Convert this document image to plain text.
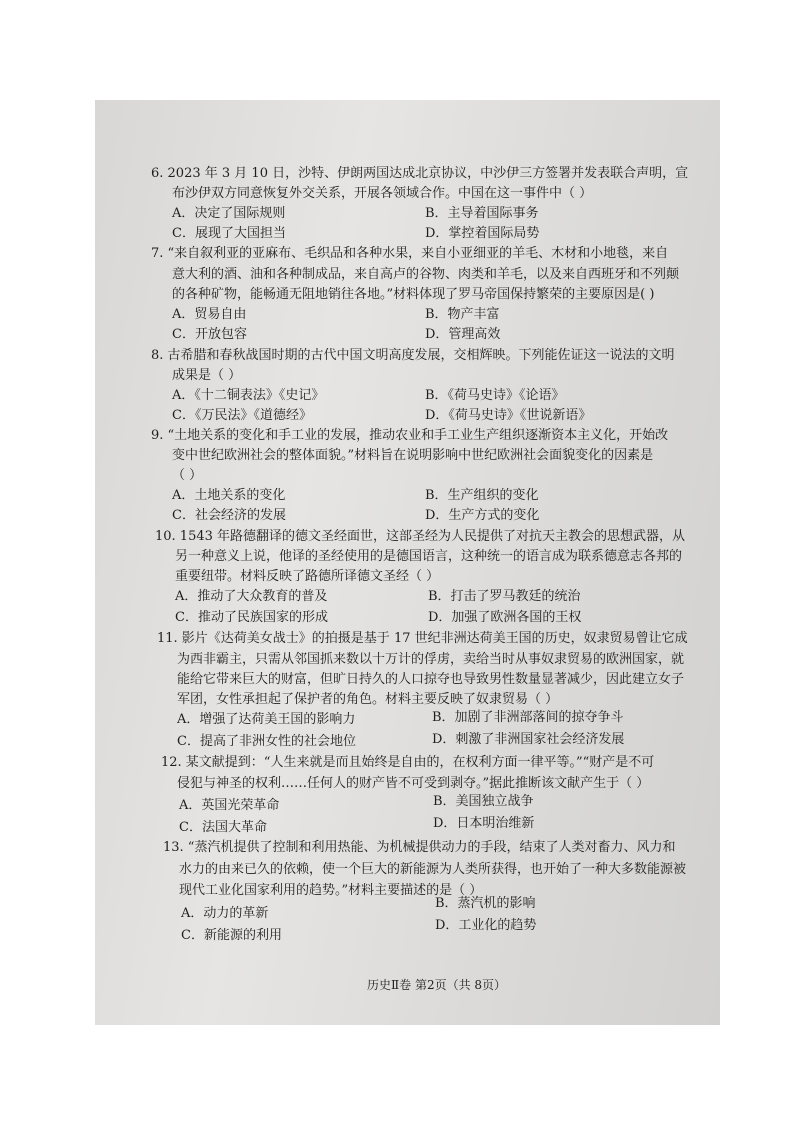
6. 2023 年 3 月 10 日，沙特、伊朗两国达成北京协议，中沙伊三方签署并发表联合声明，宣
布沙伊双方同意恢复外交关系，开展各领域合作。中国在这一事件中（ ）
A．决定了国际规则	B．主导着国际事务
C．展现了大国担当	D．掌控着国际局势
7. “来自叙利亚的亚麻布、毛织品和各种水果，来自小亚细亚的羊毛、木材和小地毯，来自
意大利的酒、油和各种制成品，来自高卢的谷物、肉类和羊毛，以及来自西班牙和不列颠
的各种矿物，能畅通无阻地销往各地。”材料体现了罗马帝国保持繁荣的主要原因是( )
A．贸易自由	B．物产丰富
C．开放包容	D．管理高效
8. 古希腊和春秋战国时期的古代中国文明高度发展，交相辉映。下列能佐证这一说法的文明
成果是（ ）
A．《十二铜表法》《史记》	B．《荷马史诗》《论语》
C．《万民法》《道德经》	D．《荷马史诗》《世说新语》
9. “土地关系的变化和手工业的发展，推动农业和手工业生产组织逐渐资本主义化，开始改
变中世纪欧洲社会的整体面貌。”材料旨在说明影响中世纪欧洲社会面貌变化的因素是
（ ）
A．土地关系的变化	B．生产组织的变化
C．社会经济的发展	D．生产方式的变化
10. 1543 年路德翻译的德文圣经面世，这部圣经为人民提供了对抗天主教会的思想武器，从
另一种意义上说，他译的圣经使用的是德国语言，这种统一的语言成为联系德意志各邦的
重要纽带。材料反映了路德所译德文圣经（ ）
A．推动了大众教育的普及	B．打击了罗马教廷的统治
C．推动了民族国家的形成	D．加强了欧洲各国的王权
11. 影片《达荷美女战士》的拍摄是基于 17 世纪非洲达荷美王国的历史，奴隶贸易曾让它成
为西非霸主，只需从邻国抓来数以十万计的俘虏，卖给当时从事奴隶贸易的欧洲国家，就
能给它带来巨大的财富，但旷日持久的人口掠夺也导致男性数量显著减少，因此建立女子
军团，女性承担起了保护者的角色。材料主要反映了奴隶贸易（ ）
A．增强了达荷美王国的影响力	B．加剧了非洲部落间的掠夺争斗
C．提高了非洲女性的社会地位	D．刺激了非洲国家社会经济发展
12. 某文献提到：“人生来就是而且始终是自由的，在权利方面一律平等。”“财产是不可
侵犯与神圣的权利……任何人的财产皆不可受到剥夺。”据此推断该文献产生于（ ）
A．英国光荣革命	B．美国独立战争
C．法国大革命	D．日本明治维新
13. “蒸汽机提供了控制和利用热能、为机械提供动力的手段，结束了人类对畜力、风力和
水力的由来已久的依赖，使一个巨大的新能源为人类所获得，也开始了一种大多数能源被
现代工业化国家利用的趋势。”材料主要描述的是（ ）
A．动力的革新
B．蒸汽机的影响
C．新能源的利用
D．工业化的趋势
历史Ⅱ卷 第2页（共 8页）
